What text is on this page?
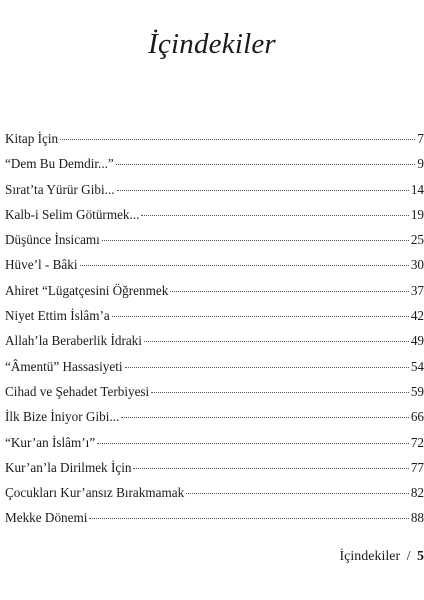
İçindekiler
Kitap İçin	7
“Dem Bu Demdir...”	9
Sırat’ta Yürür Gibi...	14
Kalb-i Selim Götürmek...	19
Düşünce İnsicamı	25
Hüve’l - Bâki	30
Ahiret “Lügatçesini Öğrenmek	37
Niyet Ettim İslâm’a	42
Allah’la Beraberlik İdraki	49
“Âmentü” Hassasiyeti	54
Cihad ve Şehadet Terbiyesi	59
İlk Bize İniyor Gibi...	66
“Kur’an İslâm’ı”	72
Kur’an’la Dirilmek İçin	77
Çocukları Kur’ansız Bırakmamak	82
Mekke Dönemi	88
İçindekiler / 5
